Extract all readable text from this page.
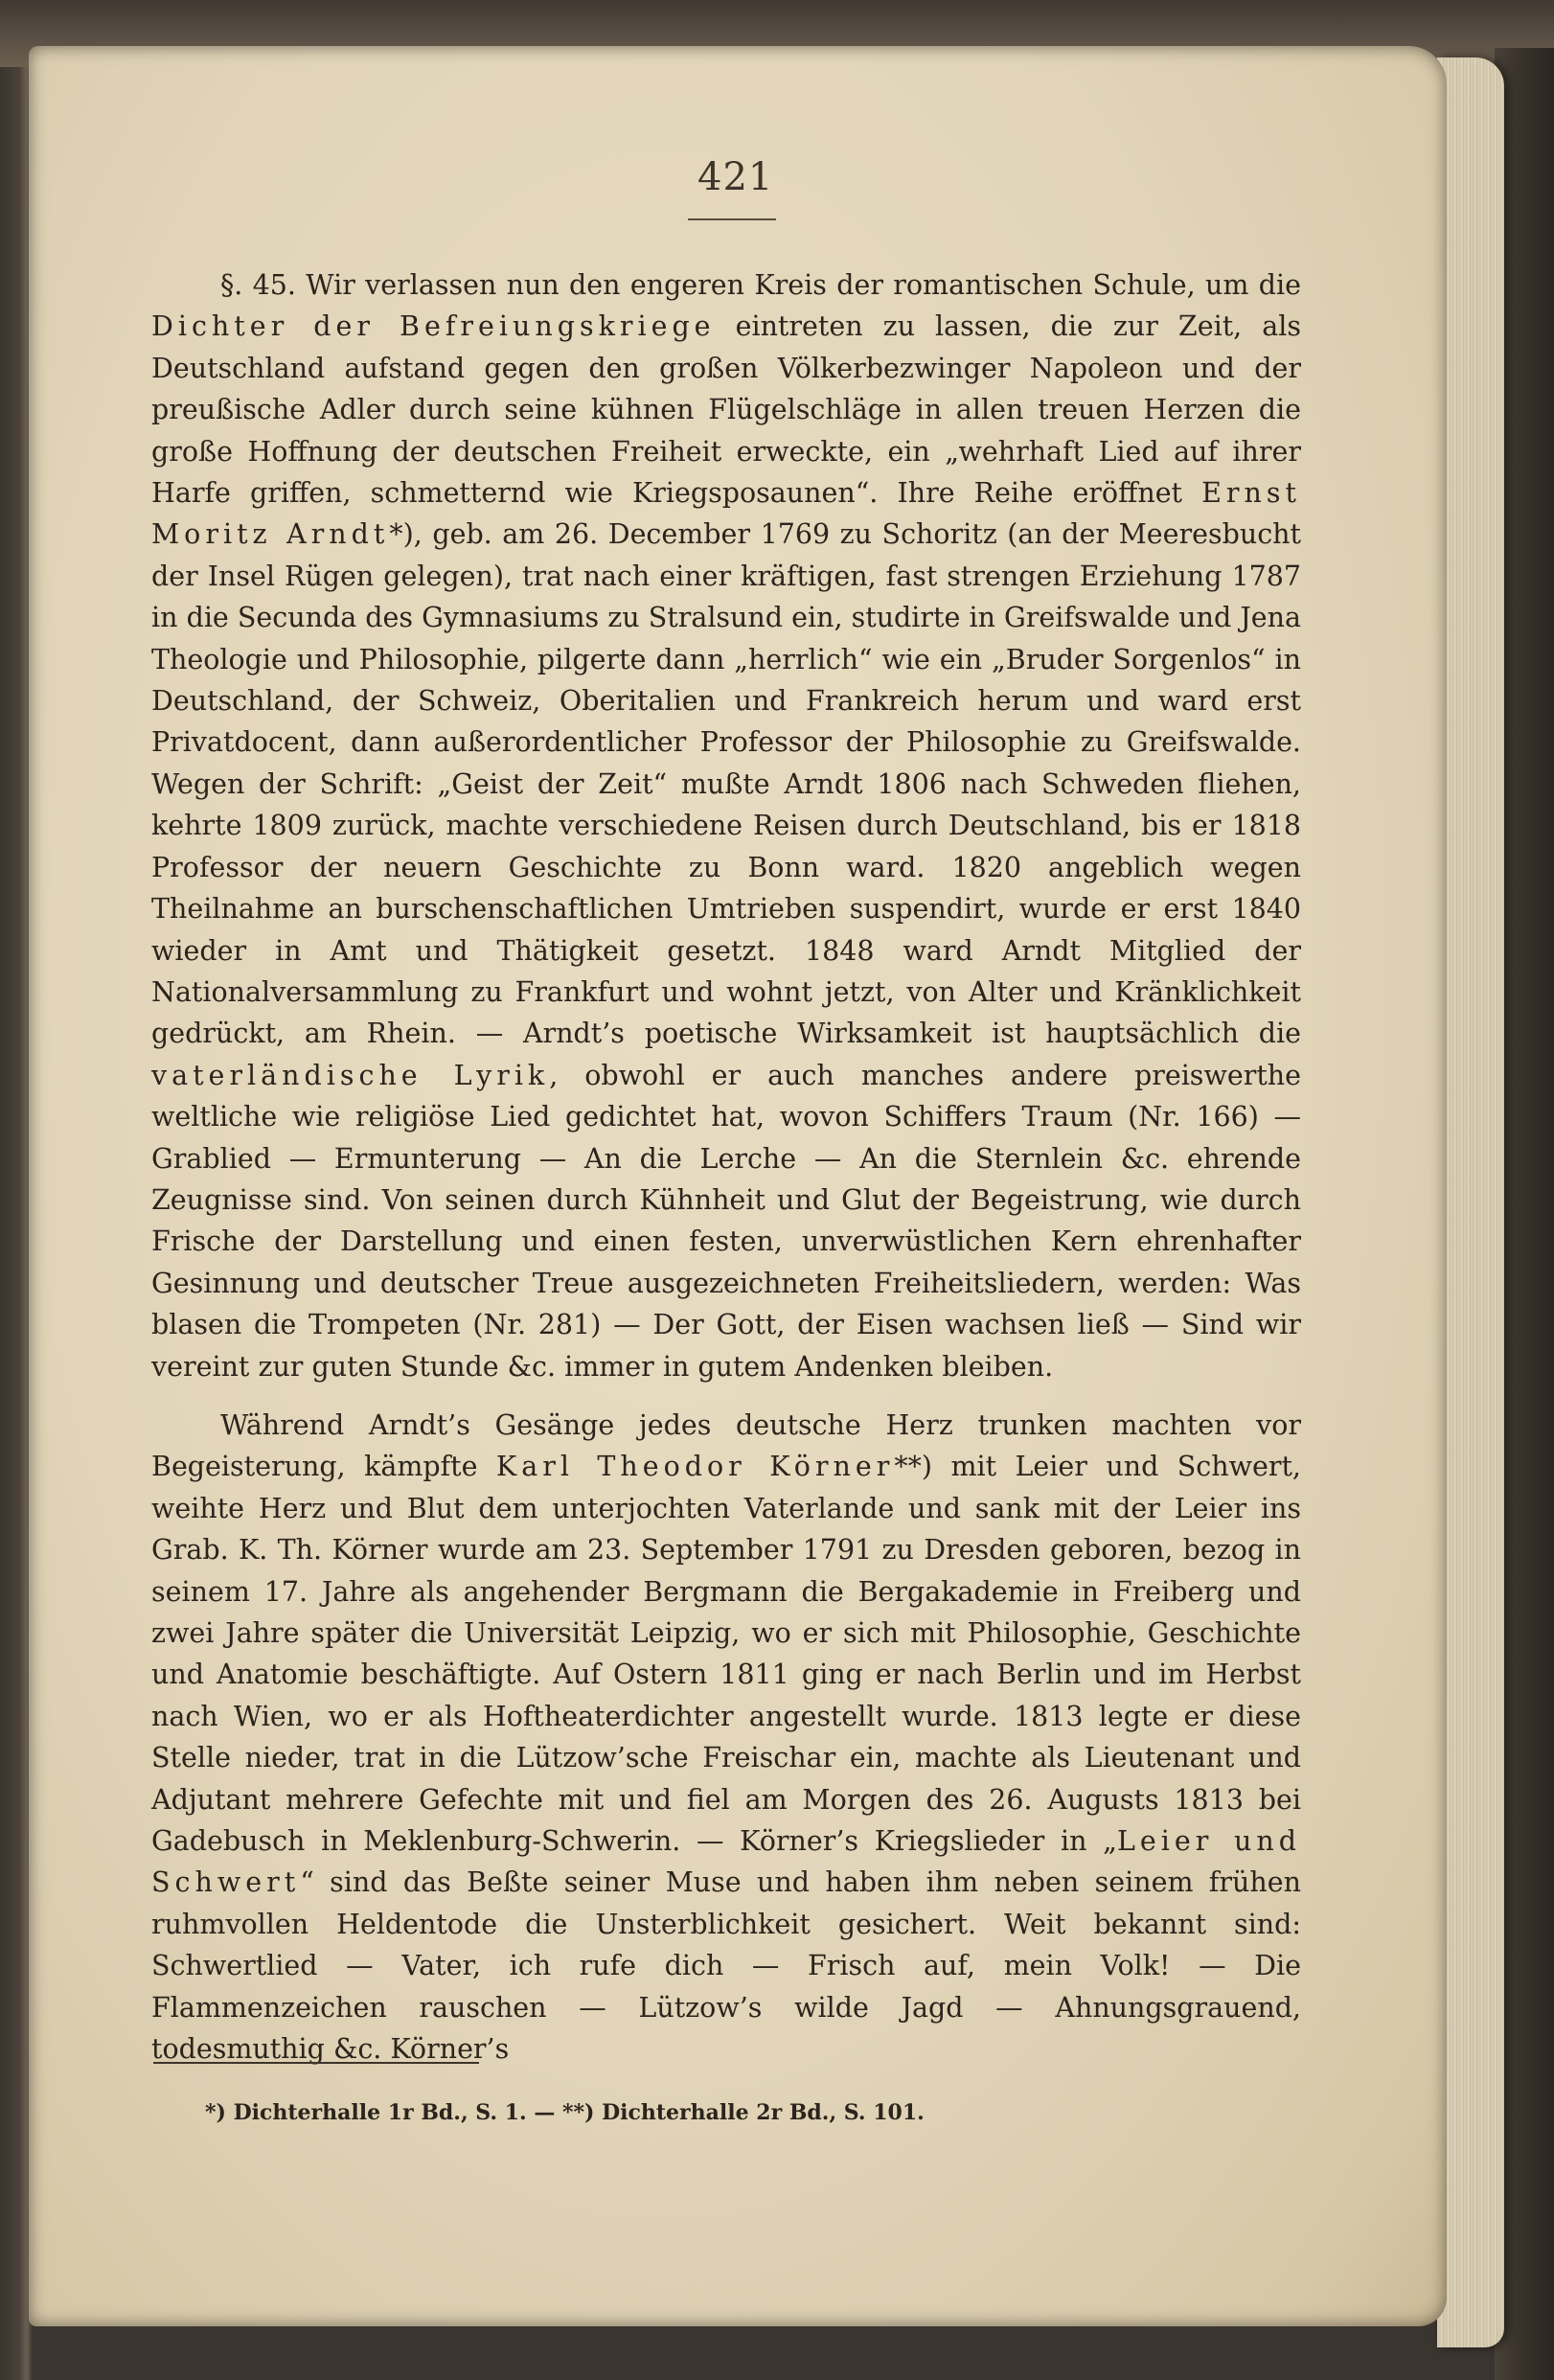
421

§. 45. Wir verlassen nun den engeren Kreis der romantischen Schule, um die Dichter der Befreiungskriege eintreten zu lassen, die zur Zeit, als Deutschland aufstand gegen den großen Völkerbezwinger Napoleon und der preußische Adler durch seine kühnen Flügelschläge in allen treuen Herzen die große Hoffnung der deutschen Freiheit erweckte, ein „wehrhaft Lied auf ihrer Harfe griffen, schmetternd wie Kriegsposaunen“. Ihre Reihe eröffnet Ernst Moritz Arndt*), geb. am 26. December 1769 zu Schoritz (an der Meeresbucht der Insel Rügen gelegen), trat nach einer kräftigen, fast strengen Erziehung 1787 in die Secunda des Gymnasiums zu Stralsund ein, studirte in Greifswalde und Jena Theologie und Philosophie, pilgerte dann „herrlich“ wie ein „Bruder Sorgenlos“ in Deutschland, der Schweiz, Oberitalien und Frankreich herum und ward erst Privatdocent, dann außerordentlicher Professor der Philosophie zu Greifswalde. Wegen der Schrift: „Geist der Zeit“ mußte Arndt 1806 nach Schweden fliehen, kehrte 1809 zurück, machte verschiedene Reisen durch Deutschland, bis er 1818 Professor der neuern Geschichte zu Bonn ward. 1820 angeblich wegen Theilnahme an burschenschaftlichen Umtrieben suspendirt, wurde er erst 1840 wieder in Amt und Thätigkeit gesetzt. 1848 ward Arndt Mitglied der Nationalversammlung zu Frankfurt und wohnt jetzt, von Alter und Kränklichkeit gedrückt, am Rhein. — Arndt’s poetische Wirksamkeit ist hauptsächlich die vaterländische Lyrik, obwohl er auch manches andere preiswerthe weltliche wie religiöse Lied gedichtet hat, wovon Schiffers Traum (Nr. 166) — Grablied — Ermunterung — An die Lerche — An die Sternlein &c. ehrende Zeugnisse sind. Von seinen durch Kühnheit und Glut der Begeistrung, wie durch Frische der Darstellung und einen festen, unverwüstlichen Kern ehrenhafter Gesinnung und deutscher Treue ausgezeichneten Freiheitsliedern, werden: Was blasen die Trompeten (Nr. 281) — Der Gott, der Eisen wachsen ließ — Sind wir vereint zur guten Stunde &c. immer in gutem Andenken bleiben.

Während Arndt’s Gesänge jedes deutsche Herz trunken machten vor Begeisterung, kämpfte Karl Theodor Körner**) mit Leier und Schwert, weihte Herz und Blut dem unterjochten Vaterlande und sank mit der Leier ins Grab. K. Th. Körner wurde am 23. September 1791 zu Dresden geboren, bezog in seinem 17. Jahre als angehender Bergmann die Bergakademie in Freiberg und zwei Jahre später die Universität Leipzig, wo er sich mit Philosophie, Geschichte und Anatomie beschäftigte. Auf Ostern 1811 ging er nach Berlin und im Herbst nach Wien, wo er als Hoftheaterdichter angestellt wurde. 1813 legte er diese Stelle nieder, trat in die Lützow’sche Freischar ein, machte als Lieutenant und Adjutant mehrere Gefechte mit und fiel am Morgen des 26. Augusts 1813 bei Gadebusch in Meklenburg-Schwerin. — Körner’s Kriegslieder in „Leier und Schwert“ sind das Beßte seiner Muse und haben ihm neben seinem frühen ruhmvollen Heldentode die Unsterblichkeit gesichert. Weit bekannt sind: Schwertlied — Vater, ich rufe dich — Frisch auf, mein Volk! — Die Flammenzeichen rauschen — Lützow’s wilde Jagd — Ahnungsgrauend, todesmuthig &c. Körner’s

*) Dichterhalle 1r Bd., S. 1. — **) Dichterhalle 2r Bd., S. 101.
